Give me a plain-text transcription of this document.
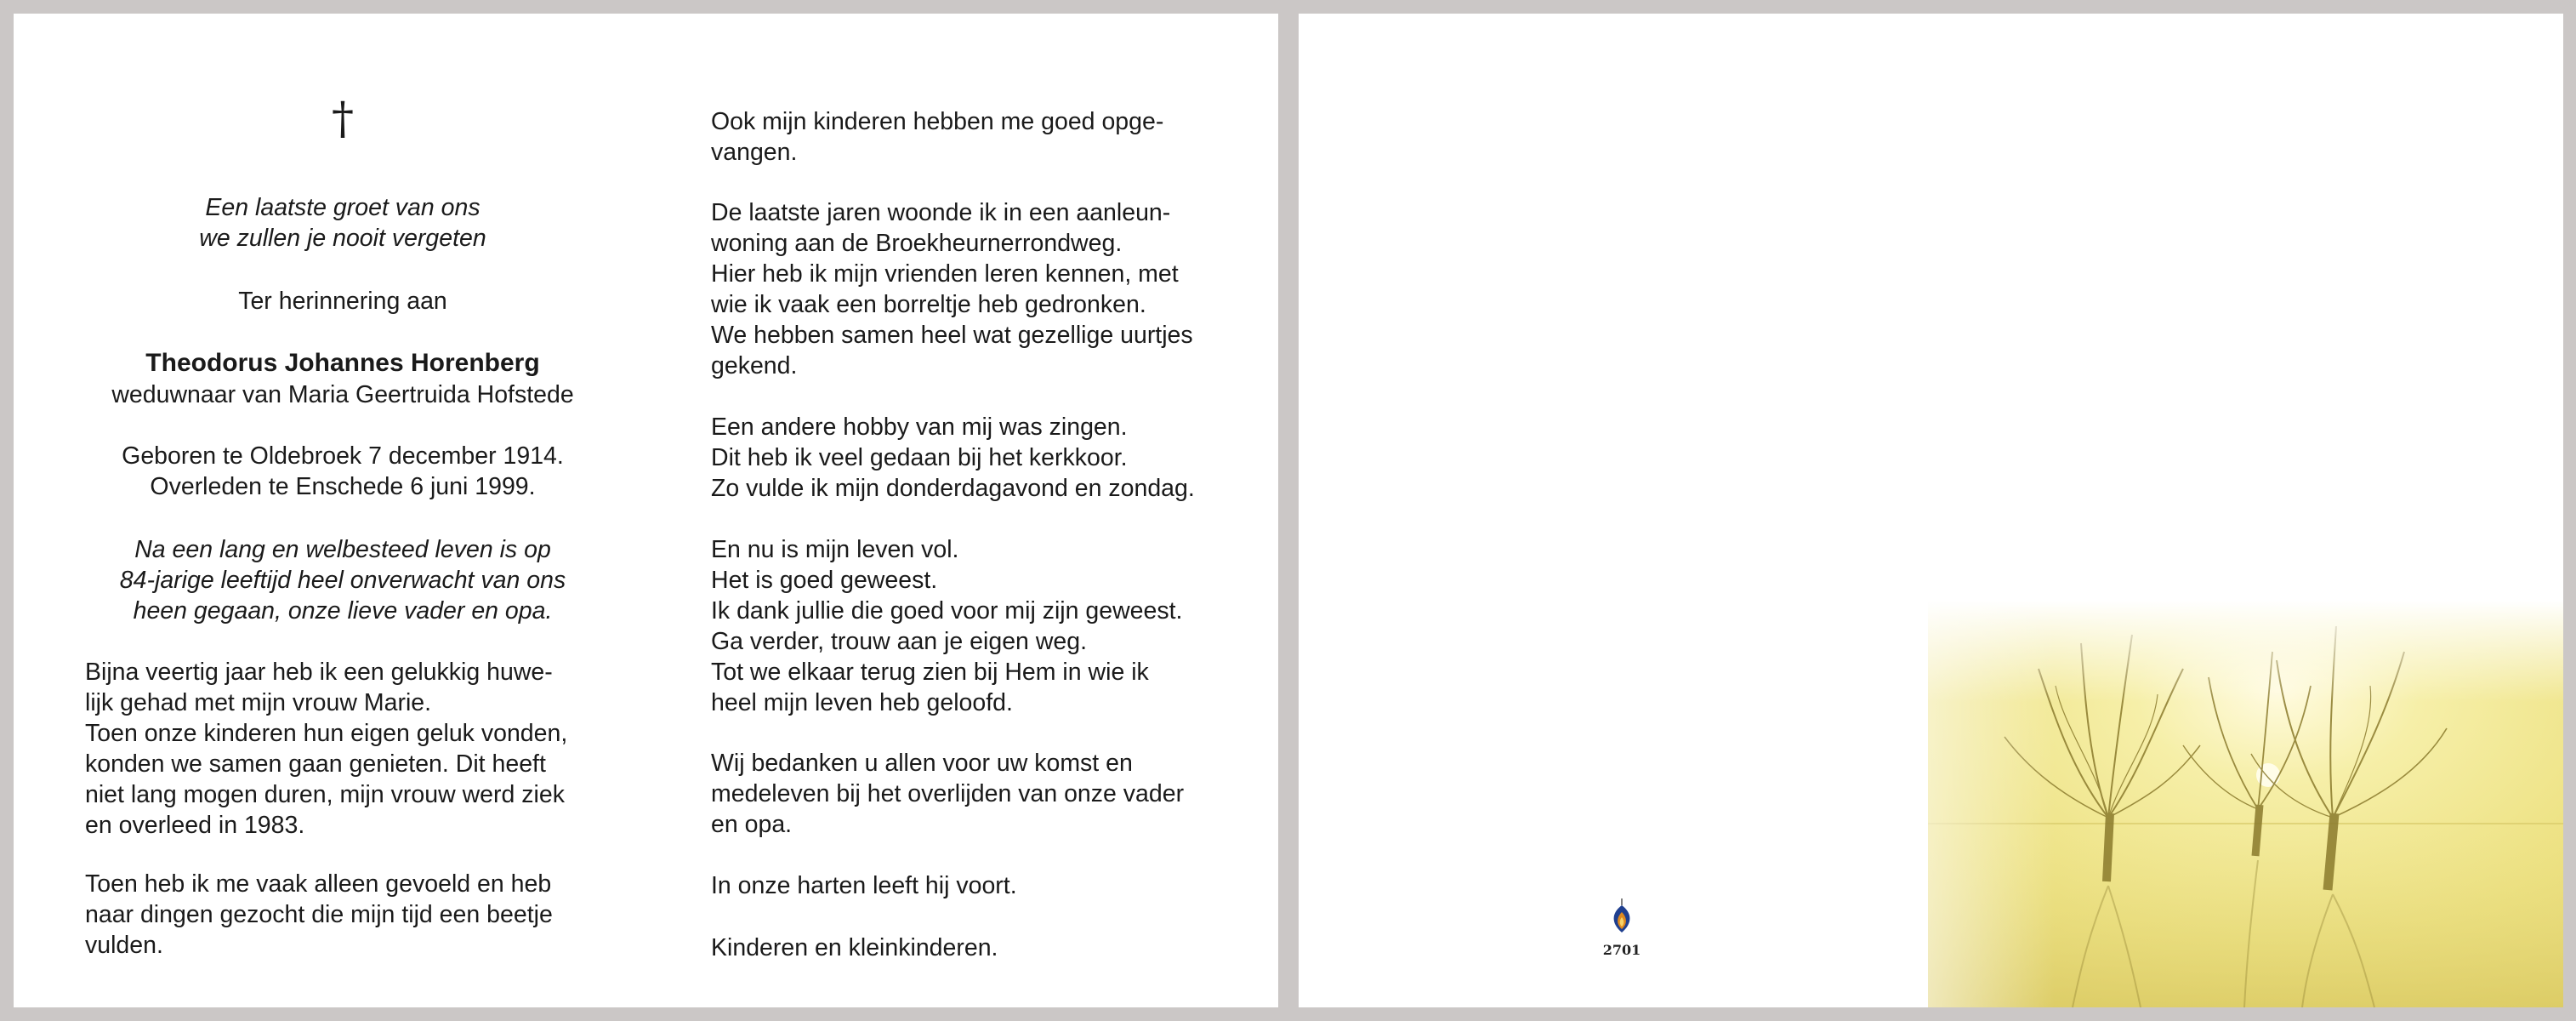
†
Een laatste groet van ons
we zullen je nooit vergeten
Ter herinnering aan
Theodorus Johannes Horenberg
weduwnaar van Maria Geertruida Hofstede
Geboren te Oldebroek 7 december 1914.
Overleden te Enschede 6 juni 1999.
Na een lang en welbesteed leven is op
84-jarige leeftijd heel onverwacht van ons
heen gegaan, onze lieve vader en opa.
Bijna veertig jaar heb ik een gelukkig huwe-
lijk gehad met mijn vrouw Marie.
Toen onze kinderen hun eigen geluk vonden,
konden we samen gaan genieten. Dit heeft
niet lang mogen duren, mijn vrouw werd ziek
en overleed in 1983.
Toen heb ik me vaak alleen gevoeld en heb
naar dingen gezocht die mijn tijd een beetje
vulden.
Ook mijn kinderen hebben me goed opge-
vangen.
De laatste jaren woonde ik in een aanleun-
woning aan de Broekheurnerrondweg.
Hier heb ik mijn vrienden leren kennen, met
wie ik vaak een borreltje heb gedronken.
We hebben samen heel wat gezellige uurtjes
gekend.
Een andere hobby van mij was zingen.
Dit heb ik veel gedaan bij het kerkkoor.
Zo vulde ik mijn donderdagavond en zondag.
En nu is mijn leven vol.
Het is goed geweest.
Ik dank jullie die goed voor mij zijn geweest.
Ga verder, trouw aan je eigen weg.
Tot we elkaar terug zien bij Hem in wie ik
heel mijn leven heb geloofd.
Wij bedanken u allen voor uw komst en
medeleven bij het overlijden van onze vader
en opa.
In onze harten leeft hij voort.
Kinderen en kleinkinderen.	2701
